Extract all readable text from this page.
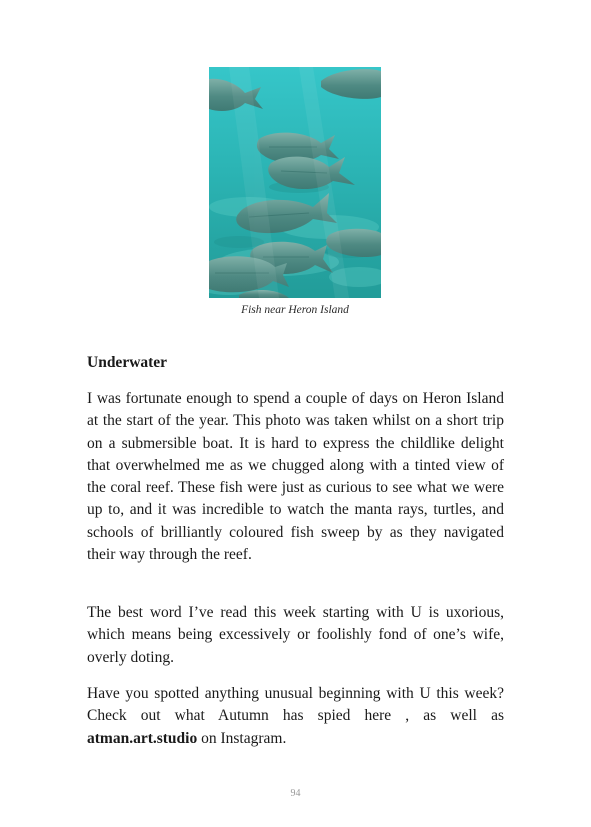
Fish near Heron Island
Underwater

I was fortunate enough to spend a couple of days on Heron Island at the start of the year. This photo was taken whilst on a short trip on a submersible boat. It is hard to express the childlike delight that overwhelmed me as we chugged along with a tinted view of the coral reef. These fish were just as curious to see what we were up to, and it was incredible to watch the manta rays, turtles, and schools of brilliantly coloured fish sweep by as they navigated their way through the reef.

The best word I’ve read this week starting with U is uxorious, which means being excessively or foolishly fond of one’s wife, overly doting.

Have you spotted anything unusual beginning with U this week? Check out what Autumn has spied here , as well as atman.art.studio on Instagram.

94
